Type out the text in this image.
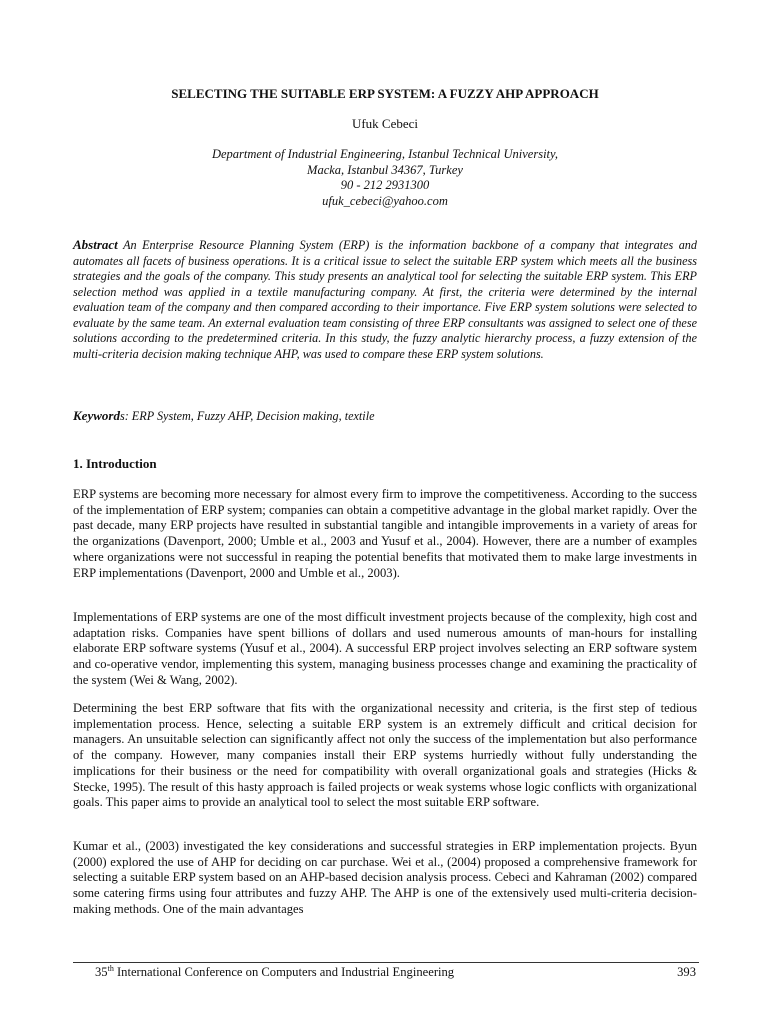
SELECTING THE SUITABLE ERP SYSTEM: A FUZZY AHP APPROACH
Ufuk Cebeci
Department of Industrial Engineering, Istanbul Technical University,
Macka, Istanbul 34367, Turkey
90 - 212 2931300
ufuk_cebeci@yahoo.com

Abstract An Enterprise Resource Planning System (ERP) is the information backbone of a company that integrates and automates all facets of business operations. It is a critical issue to select the suitable ERP system which meets all the business strategies and the goals of the company. This study presents an analytical tool for selecting the suitable ERP system. This ERP selection method was applied in a textile manufacturing company. At first, the criteria were determined by the internal evaluation team of the company and then compared according to their importance. Five ERP system solutions were selected to evaluate by the same team. An external evaluation team consisting of three ERP consultants was assigned to select one of these solutions according to the predetermined criteria. In this study, the fuzzy analytic hierarchy process, a fuzzy extension of the multi-criteria decision making technique AHP, was used to compare these ERP system solutions.

Keywords: ERP System, Fuzzy AHP, Decision making, textile

1. Introduction

ERP systems are becoming more necessary for almost every firm to improve the competitiveness. According to the success of the implementation of ERP system; companies can obtain a competitive advantage in the global market rapidly. Over the past decade, many ERP projects have resulted in substantial tangible and intangible improvements in a variety of areas for the organizations (Davenport, 2000; Umble et al., 2003 and Yusuf et al., 2004). However, there are a number of examples where organizations were not successful in reaping the potential benefits that motivated them to make large investments in ERP implementations (Davenport, 2000 and Umble et al., 2003).

Implementations of ERP systems are one of the most difficult investment projects because of the complexity, high cost and adaptation risks. Companies have spent billions of dollars and used numerous amounts of man-hours for installing elaborate ERP software systems (Yusuf et al., 2004). A successful ERP project involves selecting an ERP software system and co-operative vendor, implementing this system, managing business processes change and examining the practicality of the system (Wei & Wang, 2002).

Determining the best ERP software that fits with the organizational necessity and criteria, is the first step of tedious implementation process. Hence, selecting a suitable ERP system is an extremely difficult and critical decision for managers. An unsuitable selection can significantly affect not only the success of the implementation but also performance of the company. However, many companies install their ERP systems hurriedly without fully understanding the implications for their business or the need for compatibility with overall organizational goals and strategies (Hicks & Stecke, 1995). The result of this hasty approach is failed projects or weak systems whose logic conflicts with organizational goals. This paper aims to provide an analytical tool to select the most suitable ERP software.

Kumar et al., (2003) investigated the key considerations and successful strategies in ERP implementation projects. Byun (2000) explored the use of AHP for deciding on car purchase. Wei et al., (2004) proposed a comprehensive framework for selecting a suitable ERP system based on an AHP-based decision analysis process. Cebeci and Kahraman (2002) compared some catering firms using four attributes and fuzzy AHP. The AHP is one of the extensively used multi-criteria decision-making methods. One of the main advantages

35th International Conference on Computers and Industrial Engineering	393
